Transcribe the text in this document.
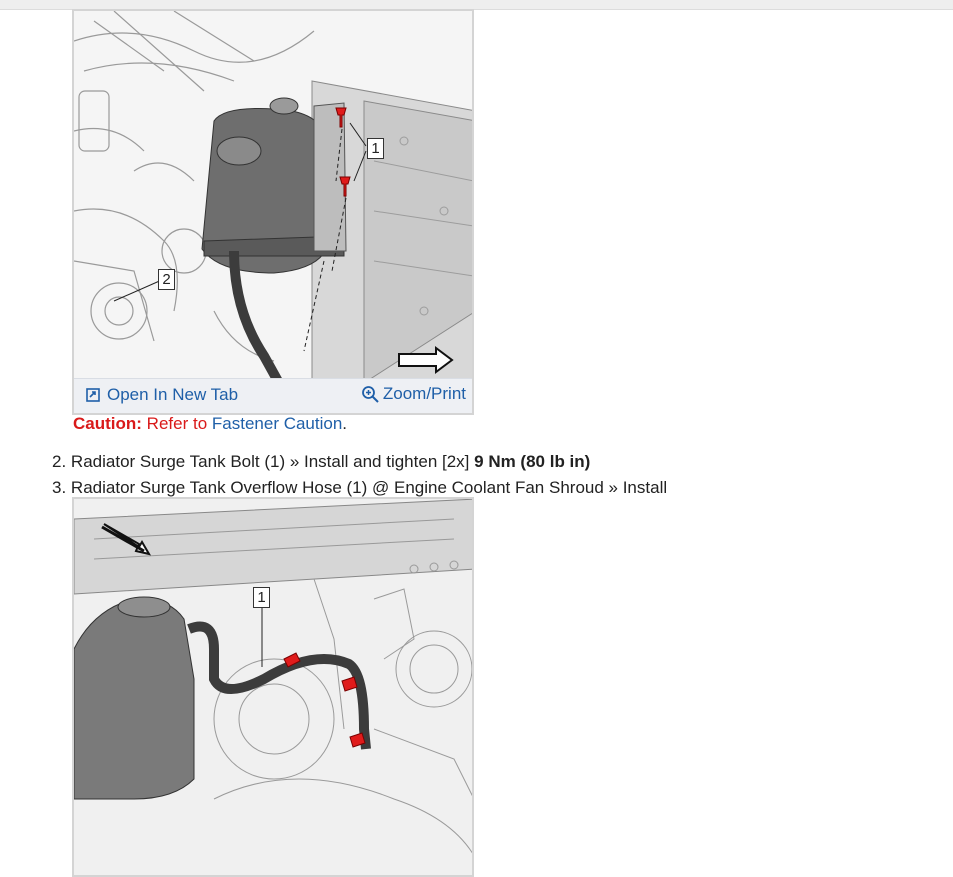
1
2
Open In New Tab	Zoom/Print
Caution: Refer to Fastener Caution.
2. Radiator Surge Tank Bolt (1) » Install and tighten [2x] 9 Nm (80 lb in)
3. Radiator Surge Tank Overflow Hose (1) @ Engine Coolant Fan Shroud » Install
1
